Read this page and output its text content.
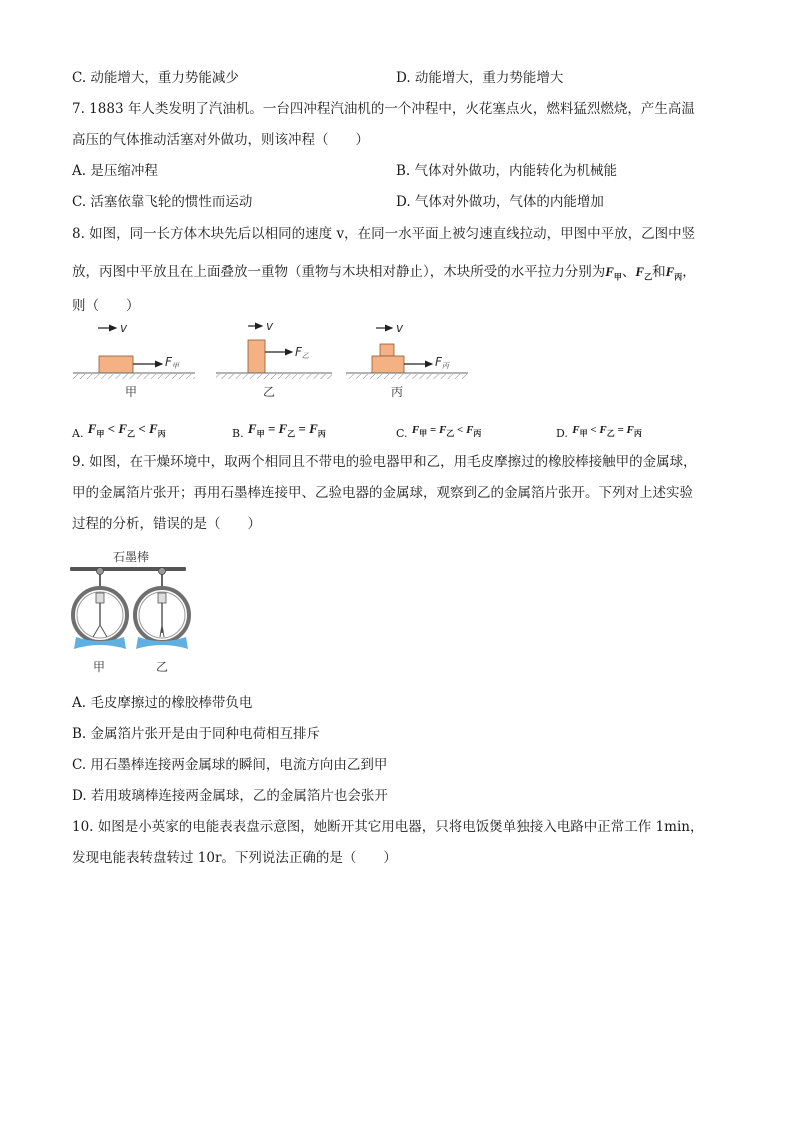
C. 动能增大，重力势能减少	D. 动能增大，重力势能增大
7. 1883 年人类发明了汽油机。一台四冲程汽油机的一个冲程中，火花塞点火，燃料猛烈燃烧，产生高温
高压的气体推动活塞对外做功，则该冲程（　　）
A. 是压缩冲程	B. 气体对外做功，内能转化为机械能
C. 活塞依靠飞轮的惯性而运动	D. 气体对外做功，气体的内能增加
8. 如图，同一长方体木块先后以相同的速度 v，在同一水平面上被匀速直线拉动，甲图中平放，乙图中竖
放，丙图中平放且在上面叠放一重物（重物与木块相对静止），木块所受的水平拉力分别为$F_甲$、$F_乙$和$F_丙$，
则（　　）
v
F甲
甲
v
F乙
乙
v
F丙
丙
$_{A.}$ $F_甲 < F_乙 < F_丙$	$_{B.}$ $F_甲 = F_乙 = F_丙$	$_{C.}$ $F_甲 = F_乙 < F_丙$	$_{D.}$ $F_甲 < F_乙 = F_丙$
9. 如图，在干燥环境中，取两个相同且不带电的验电器甲和乙，用毛皮摩擦过的橡胶棒接触甲的金属球，
甲的金属箔片张开；再用石墨棒连接甲、乙验电器的金属球，观察到乙的金属箔片张开。下列对上述实验
过程的分析，错误的是（　　）
石墨棒
甲	乙
A. 毛皮摩擦过的橡胶棒带负电
B. 金属箔片张开是由于同种电荷相互排斥
C. 用石墨棒连接两金属球的瞬间，电流方向由乙到甲
D. 若用玻璃棒连接两金属球，乙的金属箔片也会张开
10. 如图是小英家的电能表表盘示意图，她断开其它用电器，只将电饭煲单独接入电路中正常工作 1min，
发现电能表转盘转过 10r。下列说法正确的是（　　）
